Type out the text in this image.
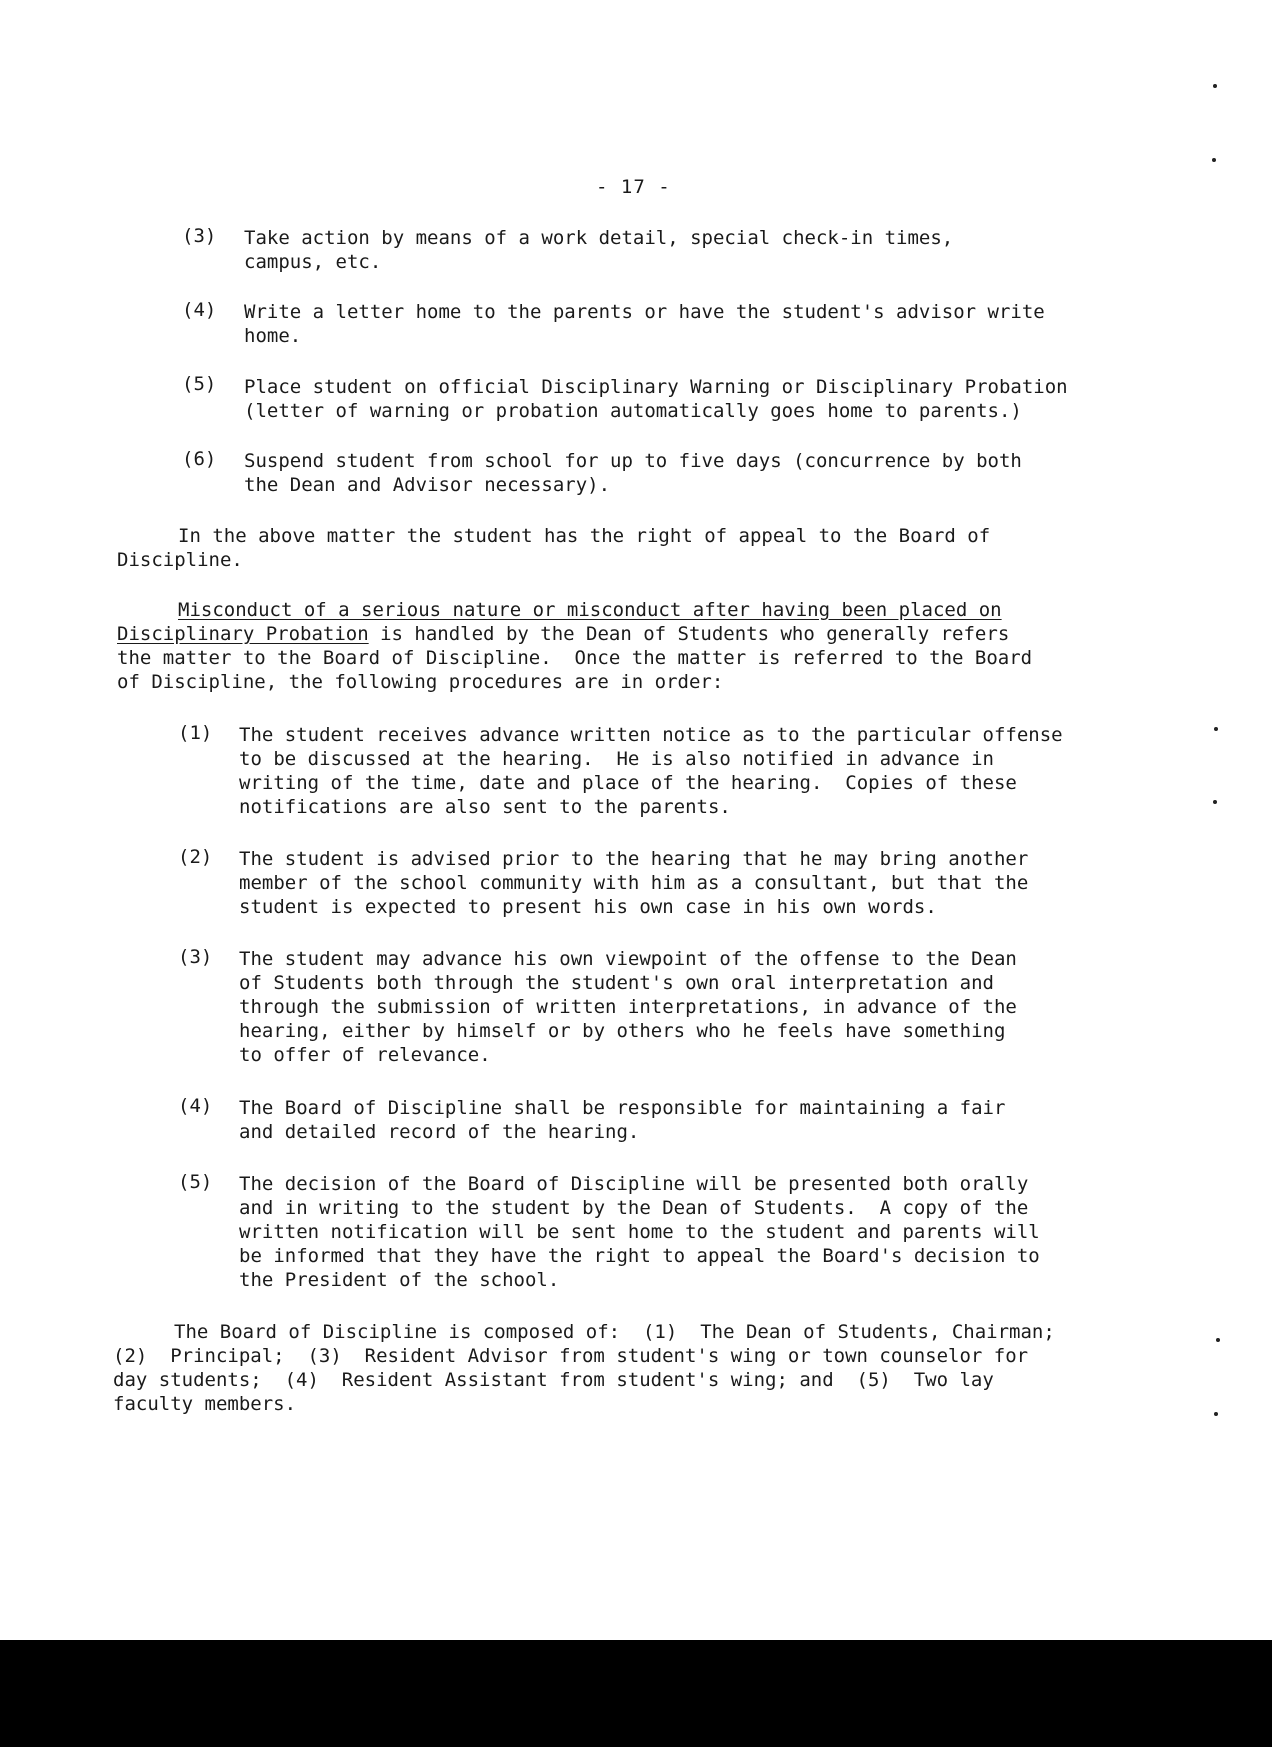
- 17 -
(3) Take action by means of a work detail, special check-in times,
campus, etc.
(4) Write a letter home to the parents or have the student's advisor write
home.
(5) Place student on official Disciplinary Warning or Disciplinary Probation
(letter of warning or probation automatically goes home to parents.)
(6) Suspend student from school for up to five days (concurrence by both
the Dean and Advisor necessary).
In the above matter the student has the right of appeal to the Board of
Discipline.
Misconduct of a serious nature or misconduct after having been placed on
Disciplinary Probation is handled by the Dean of Students who generally refers
the matter to the Board of Discipline.  Once the matter is referred to the Board
of Discipline, the following procedures are in order:
(1) The student receives advance written notice as to the particular offense
to be discussed at the hearing.  He is also notified in advance in
writing of the time, date and place of the hearing.  Copies of these
notifications are also sent to the parents.
(2) The student is advised prior to the hearing that he may bring another
member of the school community with him as a consultant, but that the
student is expected to present his own case in his own words.
(3) The student may advance his own viewpoint of the offense to the Dean
of Students both through the student's own oral interpretation and
through the submission of written interpretations, in advance of the
hearing, either by himself or by others who he feels have something
to offer of relevance.
(4) The Board of Discipline shall be responsible for maintaining a fair
and detailed record of the hearing.
(5) The decision of the Board of Discipline will be presented both orally
and in writing to the student by the Dean of Students.  A copy of the
written notification will be sent home to the student and parents will
be informed that they have the right to appeal the Board's decision to
the President of the school.
The Board of Discipline is composed of:  (1)  The Dean of Students, Chairman;
(2)  Principal;  (3)  Resident Advisor from student's wing or town counselor for
day students;  (4)  Resident Assistant from student's wing; and  (5)  Two lay
faculty members.
